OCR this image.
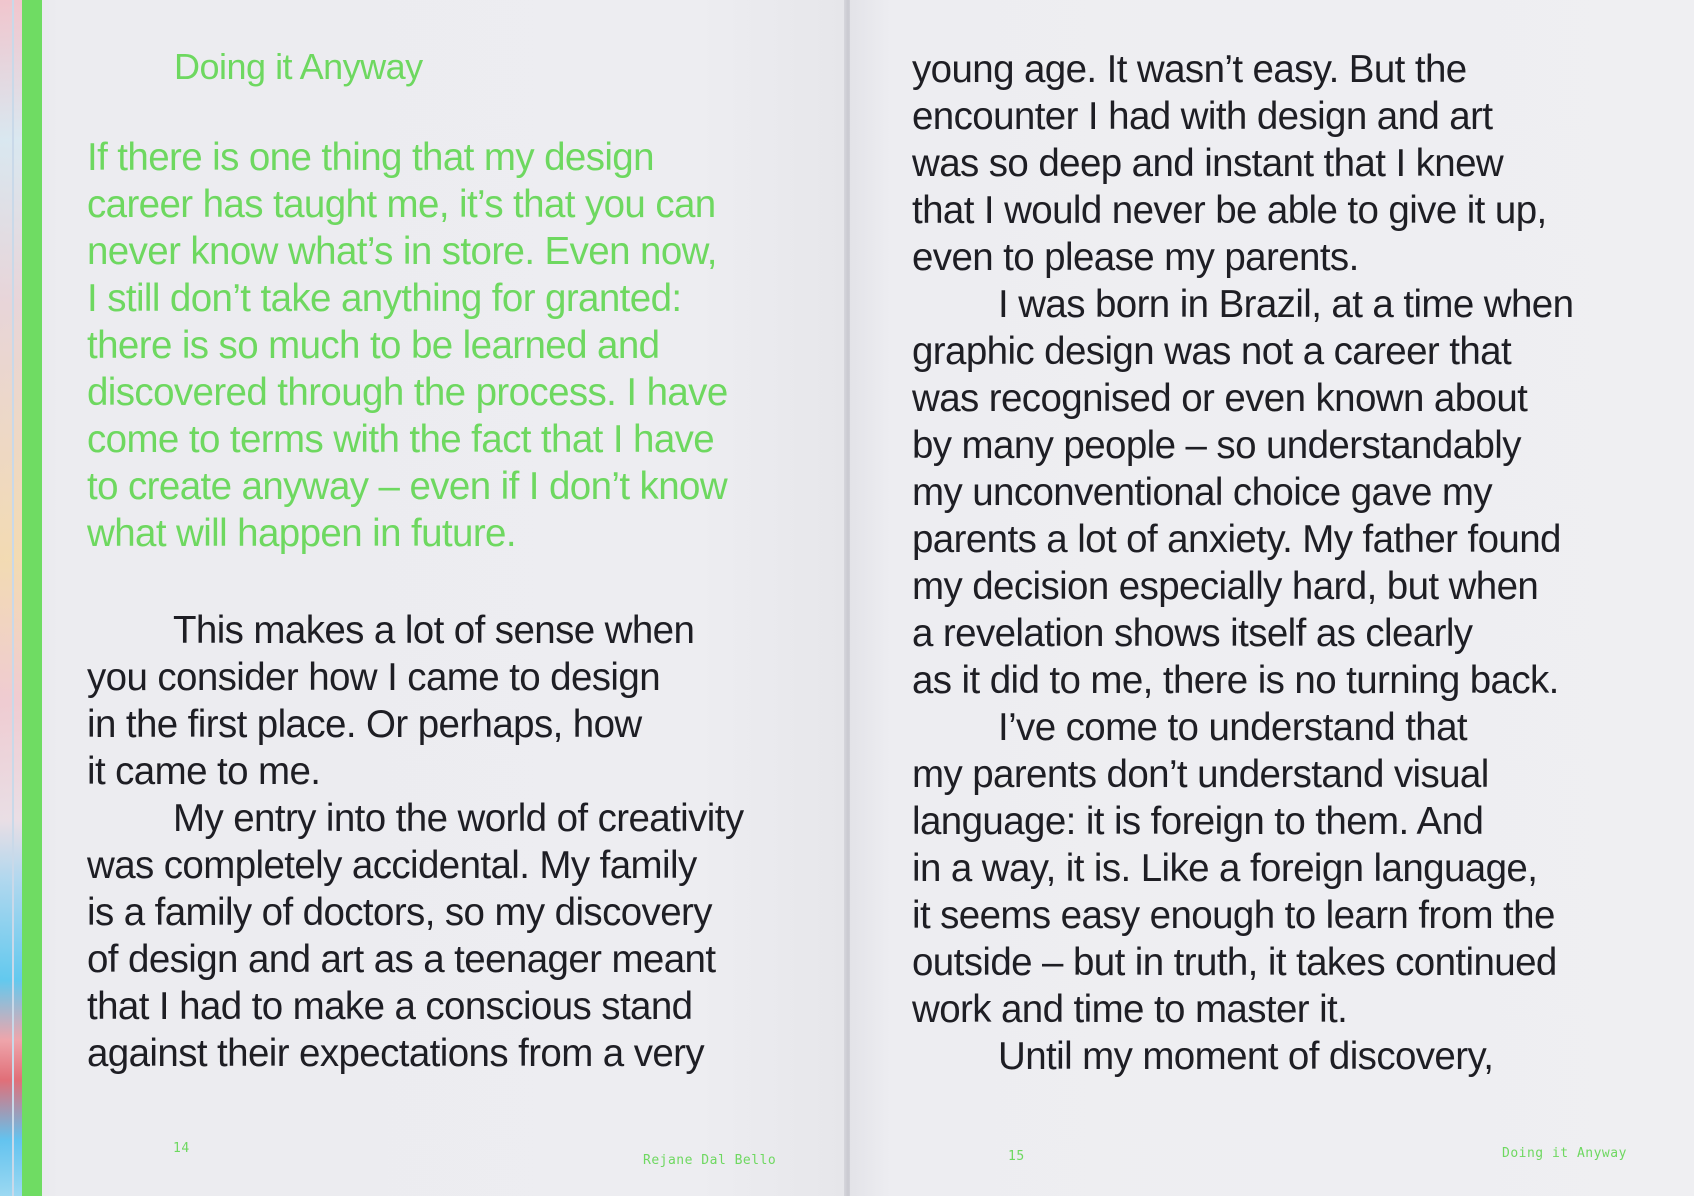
Doing it Anyway

If there is one thing that my design
career has taught me, it’s that you can
never know what’s in store. Even now,
I still don’t take anything for granted:
there is so much to be learned and
discovered through the process. I have
come to terms with the fact that I have
to create anyway – even if I don’t know
what will happen in future.

This makes a lot of sense when
you consider how I came to design
in the first place. Or perhaps, how
it came to me.
My entry into the world of creativity
was completely accidental. My family
is a family of doctors, so my discovery
of design and art as a teenager meant
that I had to make a conscious stand
against their expectations from a very

14
Rejane Dal Bello

young age. It wasn’t easy. But the
encounter I had with design and art
was so deep and instant that I knew
that I would never be able to give it up,
even to please my parents.
I was born in Brazil, at a time when
graphic design was not a career that
was recognised or even known about
by many people – so understandably
my unconventional choice gave my
parents a lot of anxiety. My father found
my decision especially hard, but when
a revelation shows itself as clearly
as it did to me, there is no turning back.
I’ve come to understand that
my parents don’t understand visual
language: it is foreign to them. And
in a way, it is. Like a foreign language,
it seems easy enough to learn from the
outside – but in truth, it takes continued
work and time to master it.
Until my moment of discovery,

15	Doing it Anyway
